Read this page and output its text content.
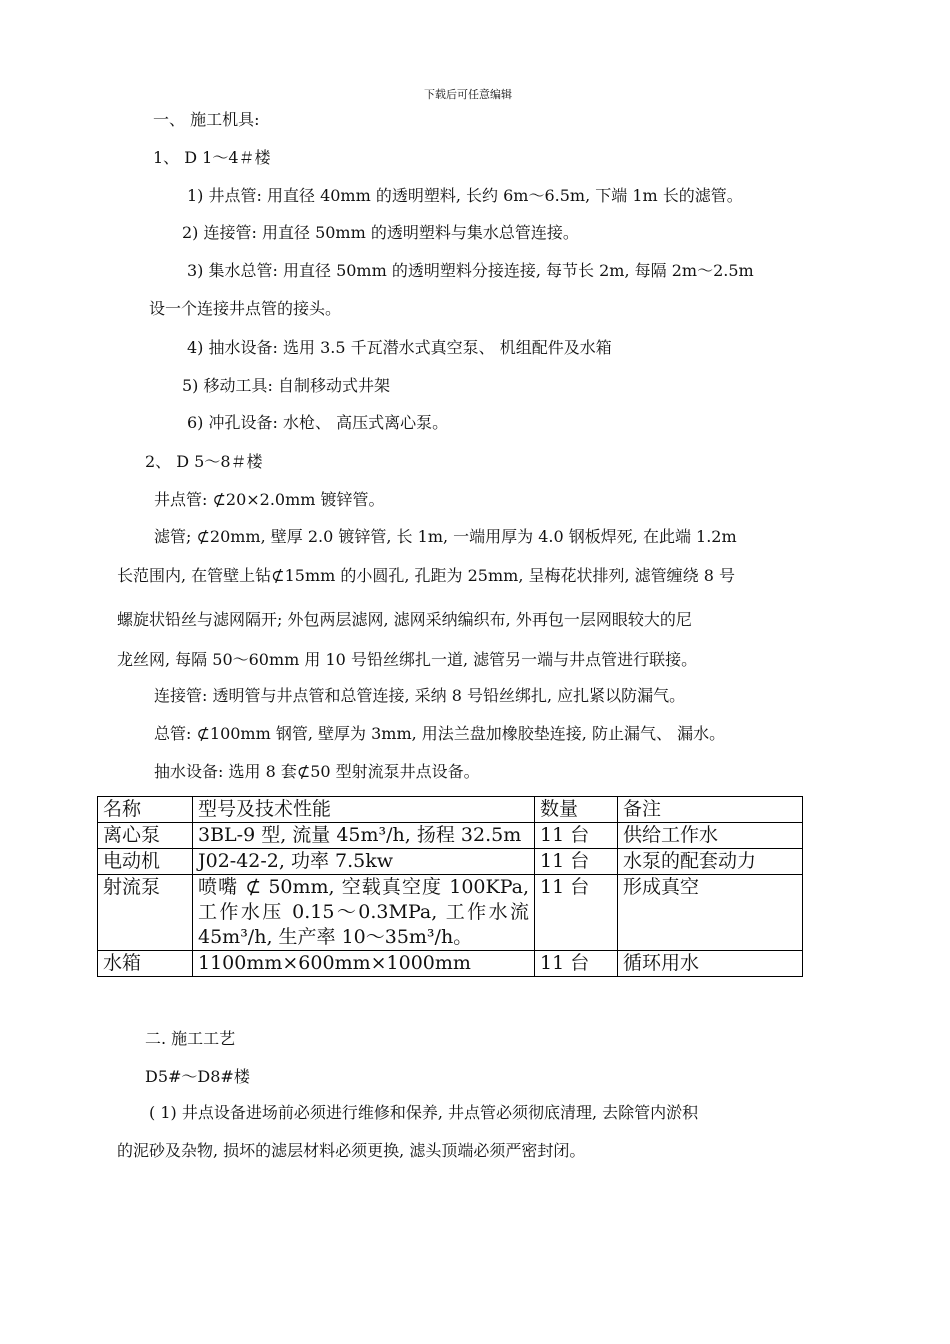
下载后可任意编辑
一、 施工机具:
1、 D 1～4＃楼
1) 井点管: 用直径 40mm 的透明塑料, 长约 6m～6.5m, 下端 1m 长的滤管。
2) 连接管: 用直径 50mm 的透明塑料与集水总管连接。
3) 集水总管: 用直径 50mm 的透明塑料分接连接, 每节长 2m, 每隔 2m～2.5m
设一个连接井点管的接头。
4) 抽水设备: 选用 3.5 千瓦潜水式真空泵、 机组配件及水箱
5) 移动工具: 自制移动式井架
6) 冲孔设备: 水枪、 高压式离心泵。
2、 D 5～8＃楼
井点管: ⊄20×2.0mm 镀锌管。
滤管; ⊄20mm, 壁厚 2.0 镀锌管, 长 1m, 一端用厚为 4.0 钢板焊死, 在此端 1.2m
长范围内, 在管壁上钻⊄15mm 的小圆孔, 孔距为 25mm, 呈梅花状排列, 滤管缠绕 8 号
螺旋状铅丝与滤网隔开; 外包两层滤网, 滤网采纳编织布, 外再包一层网眼较大的尼
龙丝网, 每隔 50～60mm 用 10 号铅丝绑扎一道, 滤管另一端与井点管进行联接。
连接管: 透明管与井点管和总管连接, 采纳 8 号铅丝绑扎, 应扎紧以防漏气。
总管: ⊄100mm 钢管, 壁厚为 3mm, 用法兰盘加橡胶垫连接, 防止漏气、 漏水。
抽水设备: 选用 8 套⊄50 型射流泵井点设备。
名称	型号及技术性能	数量	备注
离心泵	3BL-9 型, 流量 45m³/h, 扬程 32.5m	11 台	供给工作水
电动机	J02-42-2, 功率 7.5kw	11 台	水泵的配套动力
射流泵	喷嘴 ⊄ 50mm, 空载真空度 100KPa, 工作水压 0.15～0.3MPa, 工作水流 45m³/h, 生产率 10～35m³/h。	11 台	形成真空
水箱	1100mm×600mm×1000mm	11 台	循环用水
二. 施工工艺
D5#～D8#楼
( 1) 井点设备进场前必须进行维修和保养, 井点管必须彻底清理, 去除管内淤积
的泥砂及杂物, 损坏的滤层材料必须更换, 滤头顶端必须严密封闭。
